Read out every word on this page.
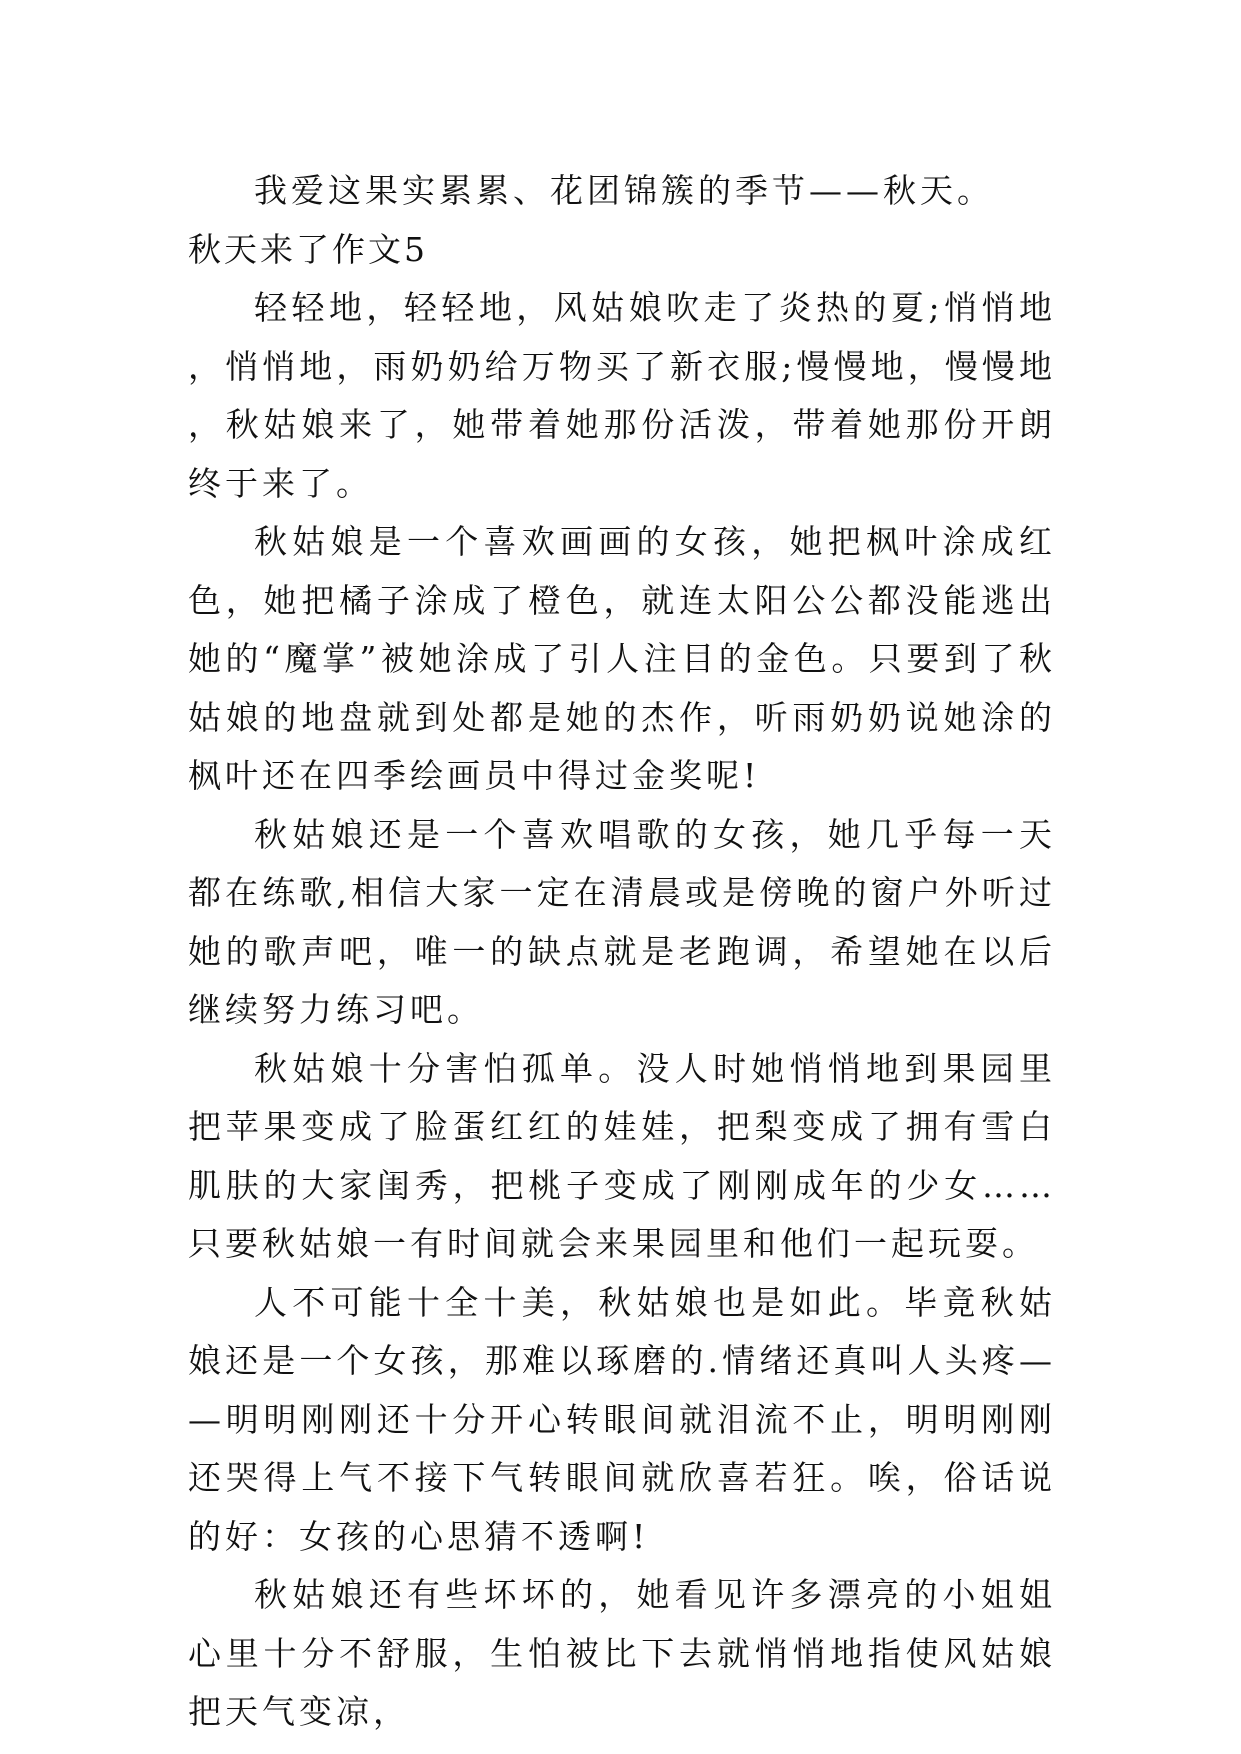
我爱这果实累累、花团锦簇的季节——秋天。

秋天来了作文5

轻轻地，轻轻地，风姑娘吹走了炎热的夏;悄悄地，悄悄地，雨奶奶给万物买了新衣服;慢慢地，慢慢地，秋姑娘来了，她带着她那份活泼，带着她那份开朗终于来了。

秋姑娘是一个喜欢画画的女孩，她把枫叶涂成红色，她把橘子涂成了橙色，就连太阳公公都没能逃出她的“魔掌”被她涂成了引人注目的金色。只要到了秋姑娘的地盘就到处都是她的杰作，听雨奶奶说她涂的枫叶还在四季绘画员中得过金奖呢!

秋姑娘还是一个喜欢唱歌的女孩，她几乎每一天都在练歌,相信大家一定在清晨或是傍晚的窗户外听过她的歌声吧，唯一的缺点就是老跑调，希望她在以后继续努力练习吧。

秋姑娘十分害怕孤单。没人时她悄悄地到果园里把苹果变成了脸蛋红红的娃娃，把梨变成了拥有雪白肌肤的大家闺秀，把桃子变成了刚刚成年的少女……只要秋姑娘一有时间就会来果园里和他们一起玩耍。

人不可能十全十美，秋姑娘也是如此。毕竟秋姑娘还是一个女孩，那难以琢磨的.情绪还真叫人头疼——明明刚刚还十分开心转眼间就泪流不止，明明刚刚还哭得上气不接下气转眼间就欣喜若狂。唉，俗话说的好：女孩的心思猜不透啊!

秋姑娘还有些坏坏的，她看见许多漂亮的小姐姐心里十分不舒服，生怕被比下去就悄悄地指使风姑娘把天气变凉，
